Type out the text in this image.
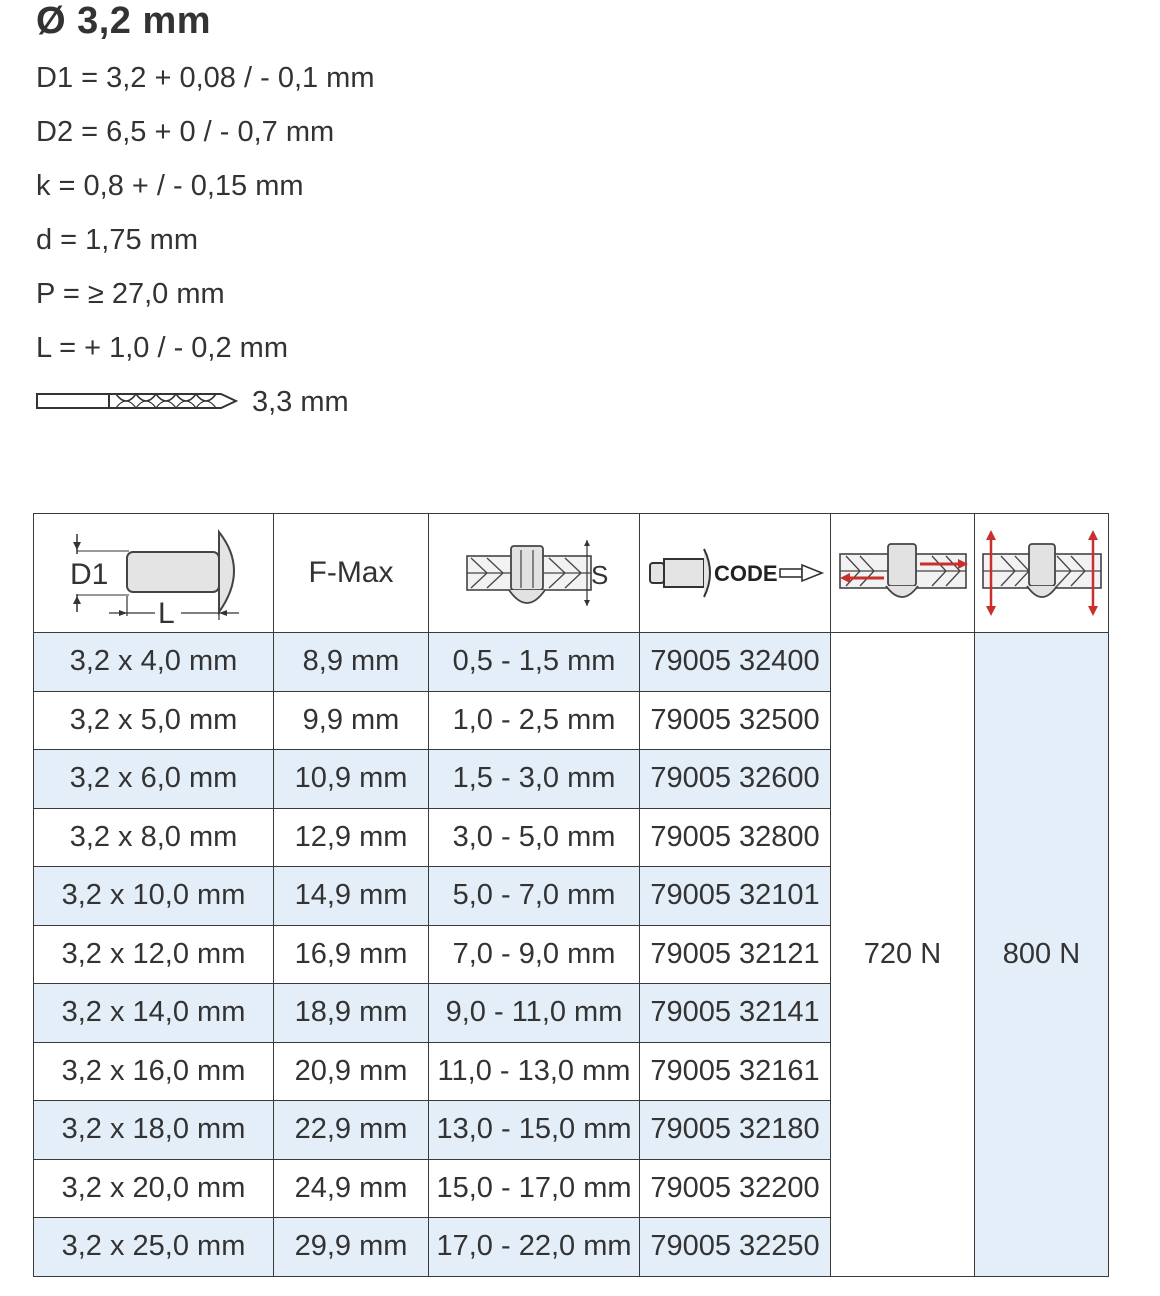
Ø 3,2 mm
D1 = 3,2 + 0,08 / - 0,1 mm
D2 = 6,5 + 0 / - 0,7 mm
k = 0,8 + / - 0,15 mm
d = 1,75 mm
P = ≥ 27,0 mm
L = + 1,0 / - 0,2 mm
3,3 mm
D1
L	F-Max	S	CODE

3,2 x 4,0 mm	8,9 mm	0,5 - 1,5 mm	79005 32400	720 N	800 N
3,2 x 5,0 mm	9,9 mm	1,0 - 2,5 mm	79005 32500		
3,2 x 6,0 mm	10,9 mm	1,5 - 3,0 mm	79005 32600		
3,2 x 8,0 mm	12,9 mm	3,0 - 5,0 mm	79005 32800		
3,2 x 10,0 mm	14,9 mm	5,0 - 7,0 mm	79005 32101		
3,2 x 12,0 mm	16,9 mm	7,0 - 9,0 mm	79005 32121		
3,2 x 14,0 mm	18,9 mm	9,0 - 11,0 mm	79005 32141		
3,2 x 16,0 mm	20,9 mm	11,0 - 13,0 mm	79005 32161		
3,2 x 18,0 mm	22,9 mm	13,0 - 15,0 mm	79005 32180		
3,2 x 20,0 mm	24,9 mm	15,0 - 17,0 mm	79005 32200		
3,2 x 25,0 mm	29,9 mm	17,0 - 22,0 mm	79005 32250		
